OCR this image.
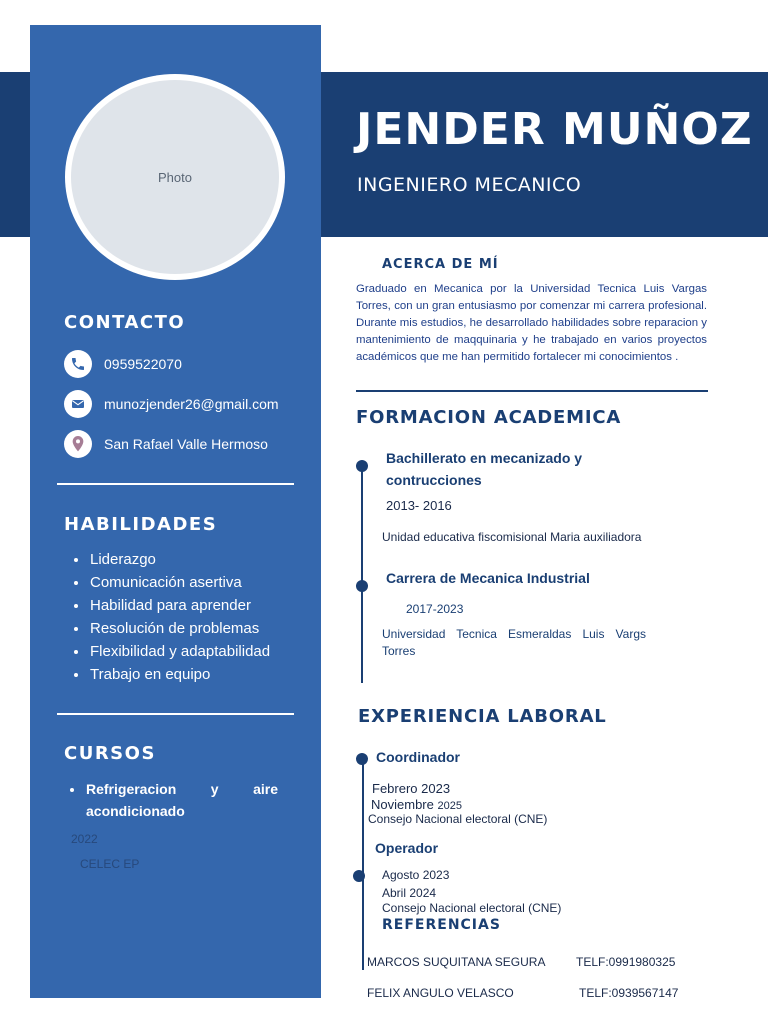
JENDER MUÑOZ

INGENIERO MECANICO

Photo
CONTACTO
0959522070
munozjender26@gmail.com
San Rafael Valle Hermoso
HABILIDADES
Liderazgo
Comunicación asertiva
Habilidad para aprender
Resolución de problemas
Flexibilidad y adaptabilidad
Trabajo en equipo
CURSOS
Refrigeracion y aire
acondicionado
2022
CELEC EP
ACERCA DE MÍ

Graduado en Mecanica por la Universidad Tecnica Luis Vargas Torres, con un gran entusiasmo por comenzar mi carrera profesional. Durante mis estudios, he desarrollado habilidades sobre reparacion y mantenimiento de maqquinaria y he trabajado en varios proyectos académicos que me han permitido fortalecer mi conocimientos .

FORMACION ACADEMICA

Bachillerato en mecanizado y

contrucciones

2013- 2016

Unidad educativa fiscomisional Maria auxiliadora

Carrera de Mecanica Industrial

2017-2023

Universidad Tecnica Esmeraldas Luis Vargs

Torres

EXPERIENCIA LABORAL

Coordinador

Febrero 2023

Noviembre 2025

Consejo Nacional electoral (CNE)

Operador

Agosto 2023

Abril 2024

Consejo Nacional electoral (CNE)

REFERENCIAS
MARCOS SUQUITANA SEGURA	TELF:0991980325
FELIX ANGULO VELASCO	TELF:0939567147
